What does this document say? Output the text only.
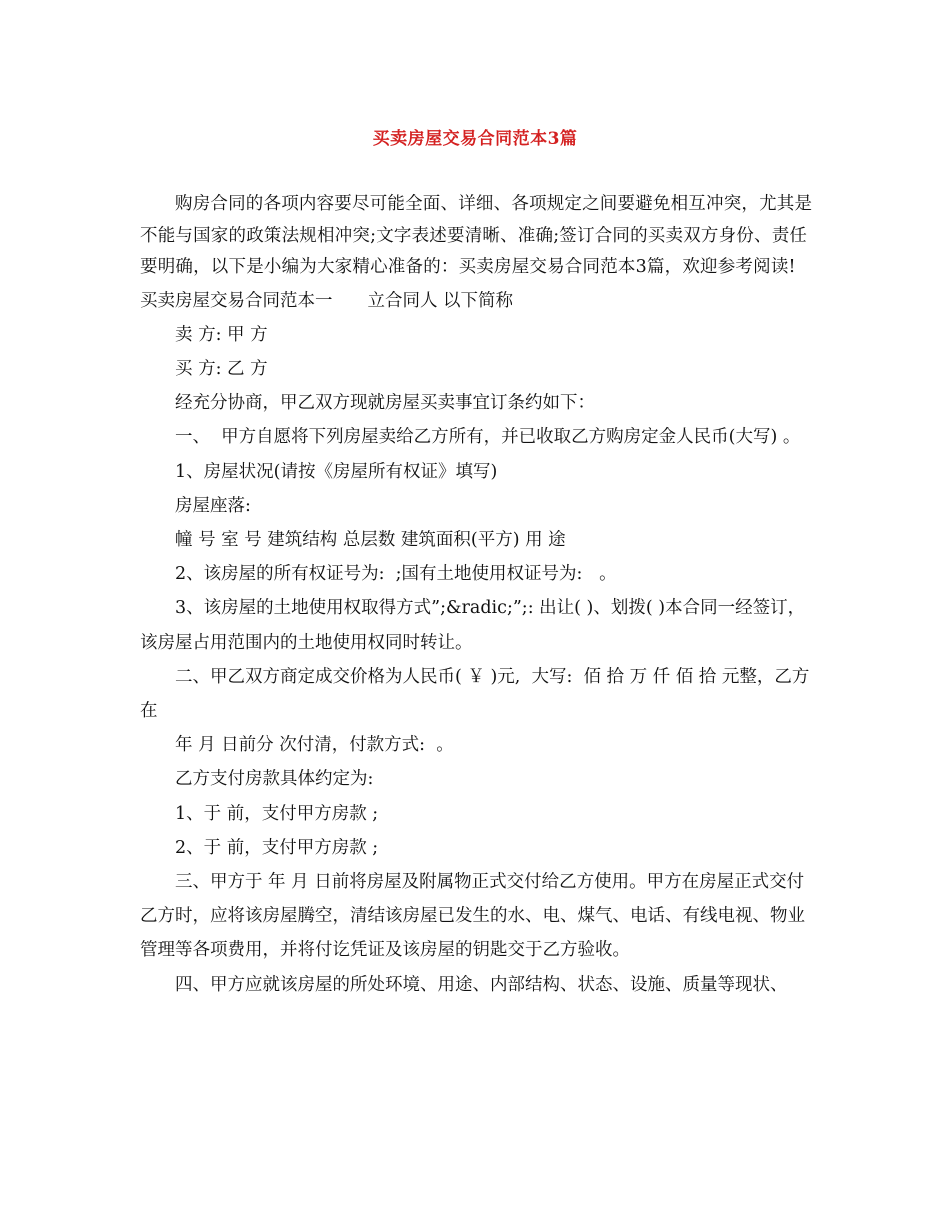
买卖房屋交易合同范本3篇

购房合同的各项内容要尽可能全面、详细、各项规定之间要避免相互冲突，尤其是不能与国家的政策法规相冲突;文字表述要清晰、准确;签订合同的买卖双方身份、责任要明确，以下是小编为大家精心准备的：买卖房屋交易合同范本3篇，欢迎参考阅读!

买卖房屋交易合同范本一　　立合同人 以下简称

卖 方: 甲 方

买 方: 乙 方

经充分协商，甲乙双方现就房屋买卖事宜订条约如下：

一、  甲方自愿将下列房屋卖给乙方所有，并已收取乙方购房定金人民币(大写) 。

1、房屋状况(请按《房屋所有权证》填写)

房屋座落:

幢 号 室 号 建筑结构 总层数 建筑面积(平方) 用 途

2、该房屋的所有权证号为:  ;国有土地使用权证号为:   。

3、该房屋的土地使用权取得方式”;&radic;”;: 出让( )、划拨( )本合同一经签订，该房屋占用范围内的土地使用权同时转让。

二、甲乙双方商定成交价格为人民币( ￥ )元,  大写:  佰 拾 万 仟 佰 拾 元整，乙方在

年 月 日前分 次付清，付款方式:  。

乙方支付房款具体约定为:

1、于 前，支付甲方房款 ;

2、于 前，支付甲方房款 ;

三、甲方于 年 月 日前将房屋及附属物正式交付给乙方使用。甲方在房屋正式交付乙方时，应将该房屋腾空，清结该房屋已发生的水、电、煤气、电话、有线电视、物业管理等各项费用，并将付讫凭证及该房屋的钥匙交于乙方验收。

四、甲方应就该房屋的所处环境、用途、内部结构、状态、设施、质量等现状、
